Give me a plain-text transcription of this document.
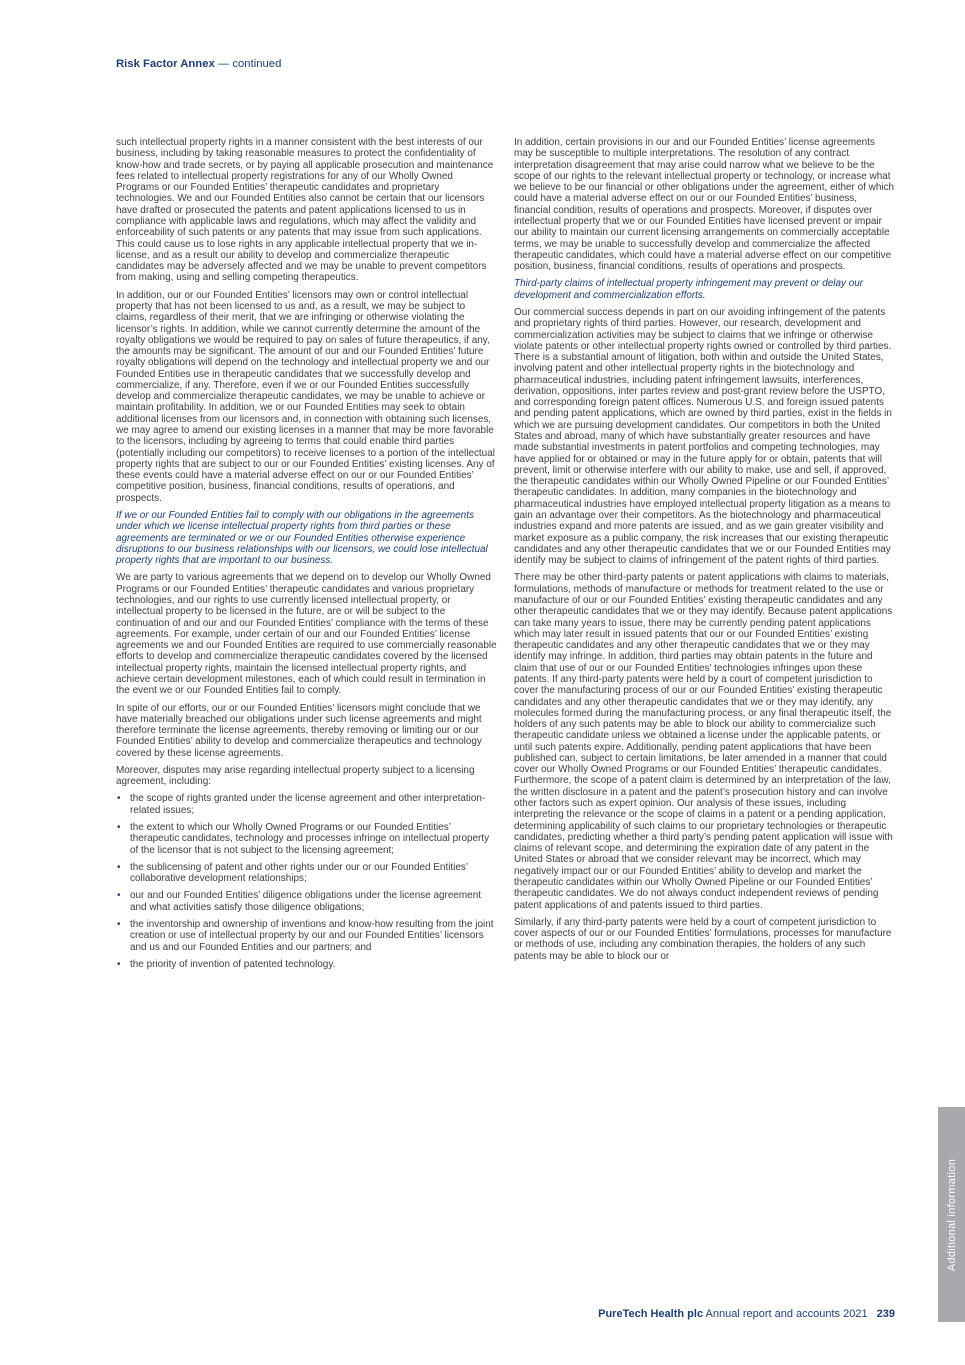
Risk Factor Annex — continued

such intellectual property rights in a manner consistent with the best interests of our business, including by taking reasonable measures to protect the confidentiality of know-how and trade secrets, or by paying all applicable prosecution and maintenance fees related to intellectual property registrations for any of our Wholly Owned Programs or our Founded Entities’ therapeutic candidates and proprietary technologies. We and our Founded Entities also cannot be certain that our licensors have drafted or prosecuted the patents and patent applications licensed to us in compliance with applicable laws and regulations, which may affect the validity and enforceability of such patents or any patents that may issue from such applications. This could cause us to lose rights in any applicable intellectual property that we in-license, and as a result our ability to develop and commercialize therapeutic candidates may be adversely affected and we may be unable to prevent competitors from making, using and selling competing therapeutics.

In addition, our or our Founded Entities’ licensors may own or control intellectual property that has not been licensed to us and, as a result, we may be subject to claims, regardless of their merit, that we are infringing or otherwise violating the licensor’s rights. In addition, while we cannot currently determine the amount of the royalty obligations we would be required to pay on sales of future therapeutics, if any, the amounts may be significant. The amount of our and our Founded Entities’ future royalty obligations will depend on the technology and intellectual property we and our Founded Entities use in therapeutic candidates that we successfully develop and commercialize, if any. Therefore, even if we or our Founded Entities successfully develop and commercialize therapeutic candidates, we may be unable to achieve or maintain profitability. In addition, we or our Founded Entities may seek to obtain additional licenses from our licensors and, in connection with obtaining such licenses, we may agree to amend our existing licenses in a manner that may be more favorable to the licensors, including by agreeing to terms that could enable third parties (potentially including our competitors) to receive licenses to a portion of the intellectual property rights that are subject to our or our Founded Entities’ existing licenses. Any of these events could have a material adverse effect on our or our Founded Entities’ competitive position, business, financial conditions, results of operations, and prospects.

If we or our Founded Entities fail to comply with our obligations in the agreements under which we license intellectual property rights from third parties or these agreements are terminated or we or our Founded Entities otherwise experience disruptions to our business relationships with our licensors, we could lose intellectual property rights that are important to our business.

We are party to various agreements that we depend on to develop our Wholly Owned Programs or our Founded Entities’ therapeutic candidates and various proprietary technologies, and our rights to use currently licensed intellectual property, or intellectual property to be licensed in the future, are or will be subject to the continuation of and our and our Founded Entities’ compliance with the terms of these agreements. For example, under certain of our and our Founded Entities’ license agreements we and our Founded Entities are required to use commercially reasonable efforts to develop and commercialize therapeutic candidates covered by the licensed intellectual property rights, maintain the licensed intellectual property rights, and achieve certain development milestones, each of which could result in termination in the event we or our Founded Entities fail to comply.

In spite of our efforts, our or our Founded Entities’ licensors might conclude that we have materially breached our obligations under such license agreements and might therefore terminate the license agreements, thereby removing or limiting our or our Founded Entities’ ability to develop and commercialize therapeutics and technology covered by these license agreements.

Moreover, disputes may arise regarding intellectual property subject to a licensing agreement, including:

• the scope of rights granted under the license agreement and other interpretation-related issues;
• the extent to which our Wholly Owned Programs or our Founded Entities’ therapeutic candidates, technology and processes infringe on intellectual property of the licensor that is not subject to the licensing agreement;
• the sublicensing of patent and other rights under our or our Founded Entities’ collaborative development relationships;
• our and our Founded Entities’ diligence obligations under the license agreement and what activities satisfy those diligence obligations;
• the inventorship and ownership of inventions and know-how resulting from the joint creation or use of intellectual property by our and our Founded Entities’ licensors and us and our Founded Entities and our partners; and
• the priority of invention of patented technology.

In addition, certain provisions in our and our Founded Entities’ license agreements may be susceptible to multiple interpretations. The resolution of any contract interpretation disagreement that may arise could narrow what we believe to be the scope of our rights to the relevant intellectual property or technology, or increase what we believe to be our financial or other obligations under the agreement, either of which could have a material adverse effect on our or our Founded Entities’ business, financial condition, results of operations and prospects. Moreover, if disputes over intellectual property that we or our Founded Entities have licensed prevent or impair our ability to maintain our current licensing arrangements on commercially acceptable terms, we may be unable to successfully develop and commercialize the affected therapeutic candidates, which could have a material adverse effect on our competitive position, business, financial conditions, results of operations and prospects.

Third-party claims of intellectual property infringement may prevent or delay our development and commercialization efforts.

Our commercial success depends in part on our avoiding infringement of the patents and proprietary rights of third parties. However, our research, development and commercialization activities may be subject to claims that we infringe or otherwise violate patents or other intellectual property rights owned or controlled by third parties. There is a substantial amount of litigation, both within and outside the United States, involving patent and other intellectual property rights in the biotechnology and pharmaceutical industries, including patent infringement lawsuits, interferences, derivation, oppositions, inter partes review and post-grant review before the USPTO, and corresponding foreign patent offices. Numerous U.S. and foreign issued patents and pending patent applications, which are owned by third parties, exist in the fields in which we are pursuing development candidates. Our competitors in both the United States and abroad, many of which have substantially greater resources and have made substantial investments in patent portfolios and competing technologies, may have applied for or obtained or may in the future apply for or obtain, patents that will prevent, limit or otherwise interfere with our ability to make, use and sell, if approved, the therapeutic candidates within our Wholly Owned Pipeline or our Founded Entities’ therapeutic candidates. In addition, many companies in the biotechnology and pharmaceutical industries have employed intellectual property litigation as a means to gain an advantage over their competitors. As the biotechnology and pharmaceutical industries expand and more patents are issued, and as we gain greater visibility and market exposure as a public company, the risk increases that our existing therapeutic candidates and any other therapeutic candidates that we or our Founded Entities may identify may be subject to claims of infringement of the patent rights of third parties.

There may be other third-party patents or patent applications with claims to materials, formulations, methods of manufacture or methods for treatment related to the use or manufacture of our or our Founded Entities’ existing therapeutic candidates and any other therapeutic candidates that we or they may identify. Because patent applications can take many years to issue, there may be currently pending patent applications which may later result in issued patents that our or our Founded Entities’ existing therapeutic candidates and any other therapeutic candidates that we or they may identify may infringe. In addition, third parties may obtain patents in the future and claim that use of our or our Founded Entities’ technologies infringes upon these patents. If any third-party patents were held by a court of competent jurisdiction to cover the manufacturing process of our or our Founded Entities’ existing therapeutic candidates and any other therapeutic candidates that we or they may identify, any molecules formed during the manufacturing process, or any final therapeutic itself, the holders of any such patents may be able to block our ability to commercialize such therapeutic candidate unless we obtained a license under the applicable patents, or until such patents expire. Additionally, pending patent applications that have been published can, subject to certain limitations, be later amended in a manner that could cover our Wholly Owned Programs or our Founded Entities’ therapeutic candidates. Furthermore, the scope of a patent claim is determined by an interpretation of the law, the written disclosure in a patent and the patent’s prosecution history and can involve other factors such as expert opinion. Our analysis of these issues, including interpreting the relevance or the scope of claims in a patent or a pending application, determining applicability of such claims to our proprietary technologies or therapeutic candidates, predicting whether a third party’s pending patent application will issue with claims of relevant scope, and determining the expiration date of any patent in the United States or abroad that we consider relevant may be incorrect, which may negatively impact our or our Founded Entities’ ability to develop and market the therapeutic candidates within our Wholly Owned Pipeline or our Founded Entities’ therapeutic candidates. We do not always conduct independent reviews of pending patent applications of and patents issued to third parties.

Similarly, if any third-party patents were held by a court of competent jurisdiction to cover aspects of our or our Founded Entities’ formulations, processes for manufacture or methods of use, including any combination therapies, the holders of any such patents may be able to block our or

Additional information
PureTech Health plc Annual report and accounts 2021 239
